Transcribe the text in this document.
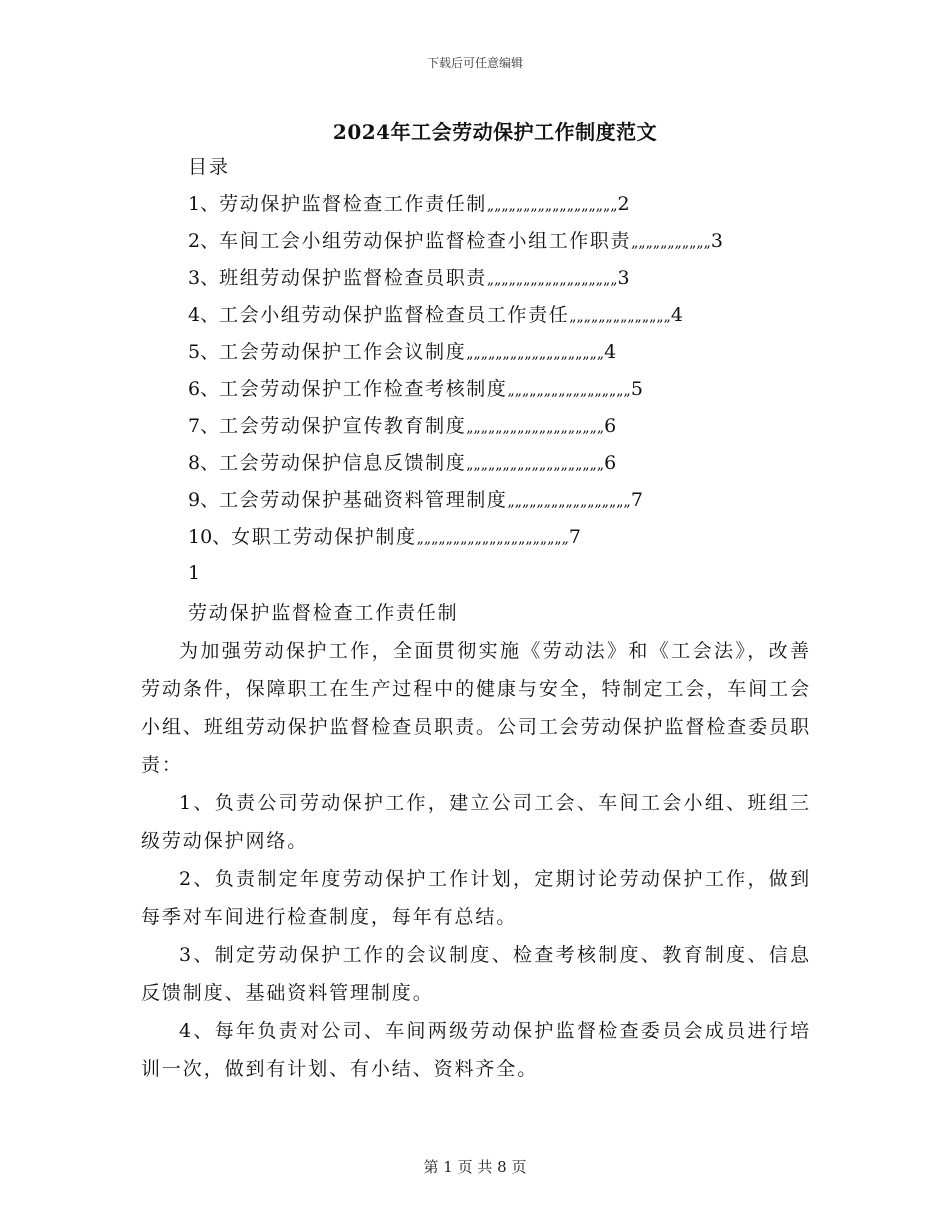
下载后可任意编辑
2024年工会劳动保护工作制度范文
目录
1、劳动保护监督检查工作责任制„„„„„„„„„„„„„„„„„„2
2、车间工会小组劳动保护监督检查小组工作职责„„„„„„„„„„„3
3、班组劳动保护监督检查员职责„„„„„„„„„„„„„„„„„„3
4、工会小组劳动保护监督检查员工作责任„„„„„„„„„„„„„„4
5、工会劳动保护工作会议制度„„„„„„„„„„„„„„„„„„„4
6、工会劳动保护工作检查考核制度„„„„„„„„„„„„„„„„„5
7、工会劳动保护宣传教育制度„„„„„„„„„„„„„„„„„„„6
8、工会劳动保护信息反馈制度„„„„„„„„„„„„„„„„„„„6
9、工会劳动保护基础资料管理制度„„„„„„„„„„„„„„„„„7
10、女职工劳动保护制度„„„„„„„„„„„„„„„„„„„„„7
1
劳动保护监督检查工作责任制

为加强劳动保护工作，全面贯彻实施《劳动法》和《工会法》，改善劳动条件，保障职工在生产过程中的健康与安全，特制定工会，车间工会小组、班组劳动保护监督检查员职责。公司工会劳动保护监督检查委员职责：

1、负责公司劳动保护工作，建立公司工会、车间工会小组、班组三级劳动保护网络。

2、负责制定年度劳动保护工作计划，定期讨论劳动保护工作，做到每季对车间进行检查制度，每年有总结。

3、制定劳动保护工作的会议制度、检查考核制度、教育制度、信息反馈制度、基础资料管理制度。

4、每年负责对公司、车间两级劳动保护监督检查委员会成员进行培训一次，做到有计划、有小结、资料齐全。

第 1 页 共 8 页
